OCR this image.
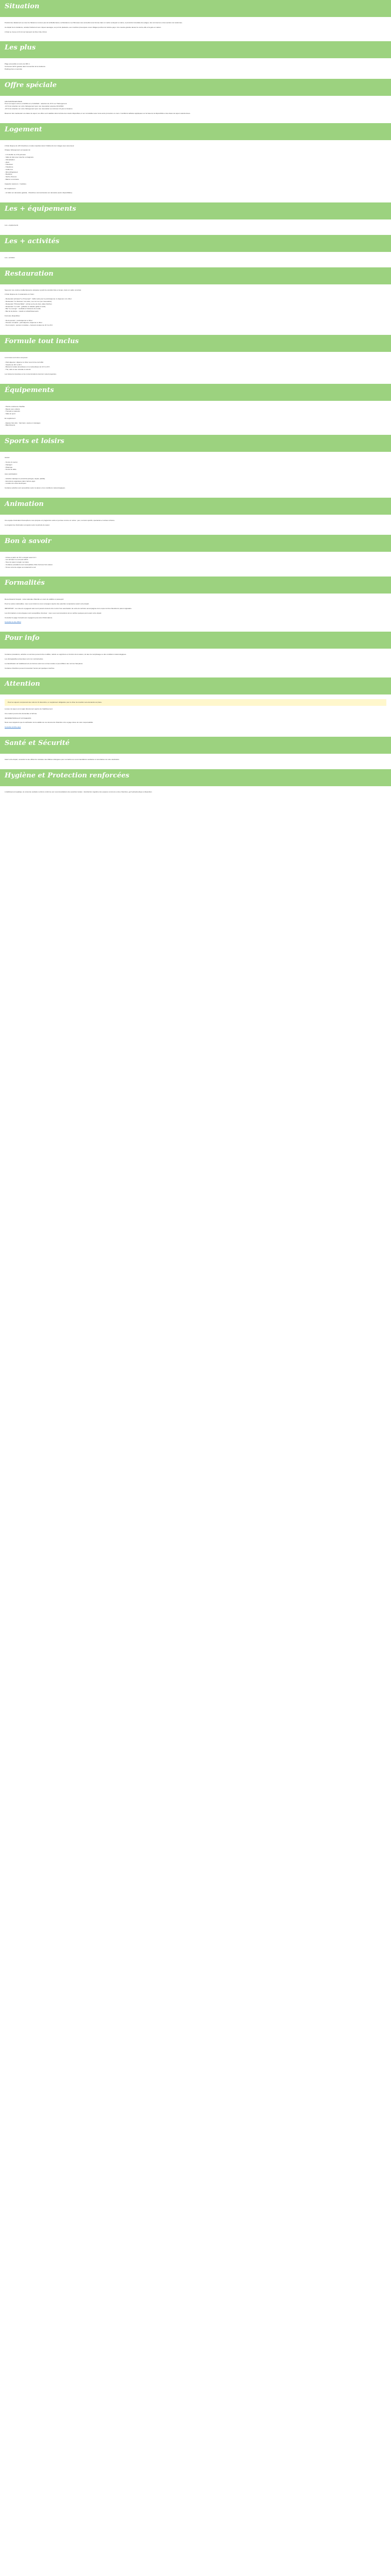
Situation

Positionnée idéalement au cœur de l'Estérel et à deux pas de la Méditerranée, la Résidence Les Mimosas vous accueille toute l'année dans un cadre verdoyant et calme, à proximité immédiate des plages, des commerces et des sentiers de randonnée.

Au départ de la résidence, accédez facilement aux criques sauvages, au port de plaisance, aux marchés provençaux et aux villages perchés de l'arrière-pays. Une navette gratuite dessert le centre-ville et la gare en saison.

L'hôtel se trouve à 10 min de l'aéroport de Nice Côte d'Azur.

Les plus
Plage accessible à moins de 300 m
Connexion Wi-Fi gratuite dans l'ensemble de la résidence
Parking privé et sécurisé
Offre spéciale
LES AVANTAGES PEAK
Pour tout séjour entre le 1/1/2024 et le 31/3/2024 : réduction de 15 % sur l'hébergement
-10 % de réduction sur votre hébergement pour une réservation jusqu'au 31/1/2024
-20 % de réduction sur votre hébergement pour une réservation au minimum 21 jours à l'avance

Réservez dès maintenant vos dates de séjour, les offres sont valables dans la limite des stocks disponibles et non cumulables avec toute autre promotion en cours. Conditions tarifaires appliquées sur la base de la disponibilité et des dates de séjour sélectionnées.

Logement

L'hôtel dispose de 125 chambres et suites réparties dans 3 bâtiments de 4 étages avec ascenseur.

Chaque hébergement est équipé de :

- 1 lit double ou 2 lits jumeaux
- Salle de bain avec douche ou baignoire
- Climatisation
- Wi-Fi
- Téléviseur
- Téléphone
- Coffre-fort
- Mini-réfrigérateur
- Bouilloire
- Sèche-cheveux
- Balcon ou terrasse

Capacité maximum : 3 adultes.

En supplément :

- Lit bébé sur demande (gratuit) - Chambres communicantes sur demande (selon disponibilités)

Les + équipements

Les + équipements

Les + activités

Les + activités

Restauration

Savourez une cuisine méditerranéenne préparée à partir de produits frais et locaux, dans un cadre convivial.

L'hôtel dispose de 4 restaurants et 2 bars :

- Restaurant principal "Le Provençal" : buffet varié pour le petit-déjeuner, le déjeuner et le dîner
- Restaurant "La Terrasse" à la carte, vue sur mer (sur réservation)
- Restaurant "Pizzeria Bella" : pizzas au feu de bois, pâtes fraîches
- Restaurant "Le Grill" : grillades et salades (juillet et août)
- Bar "Le Lounge" : cocktails et boissons du monde
- Bar de la piscine : snacks et rafraîchissements

Formules disponibles :

- Demi-pension : petit-déjeuner et dîner
- Pension complète : petit-déjeuner, déjeuner et dîner
- Tout compris : pension complète + boissons locales de 10 h à 23 h
Formule tout inclus

La formule tout inclus comprend :

- Petit-déjeuner, déjeuner et dîner sous forme de buffet
- Snacks de 16 h à 18 h
- Boissons locales alcoolisées et non alcoolisées de 10 h à 23 h
- Thé, café et eau minérale à volonté

Les boissons importées et les consommations premium restent payantes.

Équipements
- Piscine extérieure chauffée
- Bassin pour enfants
- Transats et parasols
- Salle de sport

En supplément :

- Espace bien-être : hammam, sauna et massages
- Blanchisserie
Sports et loisirs

Gratuit

- Tennis (2 courts)
- Aquagym
- Pétanque
- Tennis de table

Avec participation

- Activités nautiques à proximité (plongée, kayak, paddle)
- Excursions organisées dans l'arrière-pays
- Location de vélos électriques

Certaines activités sont accessibles selon la saison et les conditions météorologiques.

Animation

Une équipe d'animation francophone vous propose un programme varié en journée comme en soirée : jeux, tournois sportifs, spectacles et soirées à thème.

Le programme d'animation est ajusté selon la période de séjour.

Bon à savoir
- Arrivée à partir de 15 h et départ avant 11 h
- Les animaux ne sont pas admis
- Taxe de séjour à régler sur place
- Certaines prestations sont susceptibles d'être fermées hors saison
- Tenue correcte exigée au restaurant le soir
Formalités

Ressortissants français : carte nationale d'identité en cours de validité ou passeport.

Pour les autres nationalités, nous vous invitons à vous renseigner auprès des autorités compétentes avant votre départ.

IMPORTANT : les mineurs voyageant sans leurs parents doivent être munis d'une autorisation de sortie de territoire accompagnée de la copie du titre d'identité du parent signataire.

Les informations communiquées sont susceptibles d'évoluer : nous vous recommandons de les vérifier quelques jours avant votre départ.

Consultez la page Conseils aux voyageurs pour plus d'informations.

Consulter le site officiel

Pour info

Certaines prestations, activités ou services peuvent être modifiés, réduits ou supprimés en fonction de la saison, du taux de remplissage ou des conditions météorologiques.

Les photographies présentées sont non contractuelles.

La classification de l'établissement est donnée selon les normes locales et peut différer des normes françaises.

Certaines chambres peuvent nécessiter l'accès par quelques marches.

Attention

Pour les séjours comprenant des nuits du 31 décembre, un supplément obligatoire pour le dîner de réveillon sera demandé sur place.

La taxe de séjour est à régler directement auprès de l'établissement.

Une caution pourra être demandée à l'arrivée.

INFORMATIONS AUX VOYAGEURS :

Nous vous rappelons que la vérification de la validité de vos documents d'identité et de voyage relève de votre responsabilité.

Consulter la fiche pays

Santé et Sécurité

Avant votre départ, consultez le site officiel du ministère des Affaires étrangères pour connaître les recommandations sanitaires et sécuritaires de votre destination.

Hygiène et Protection renforcées

L'établissement applique un protocole sanitaire renforcé conforme aux recommandations des autorités locales : désinfection régulière des espaces communs et des chambres, gel hydroalcoolique à disposition.
